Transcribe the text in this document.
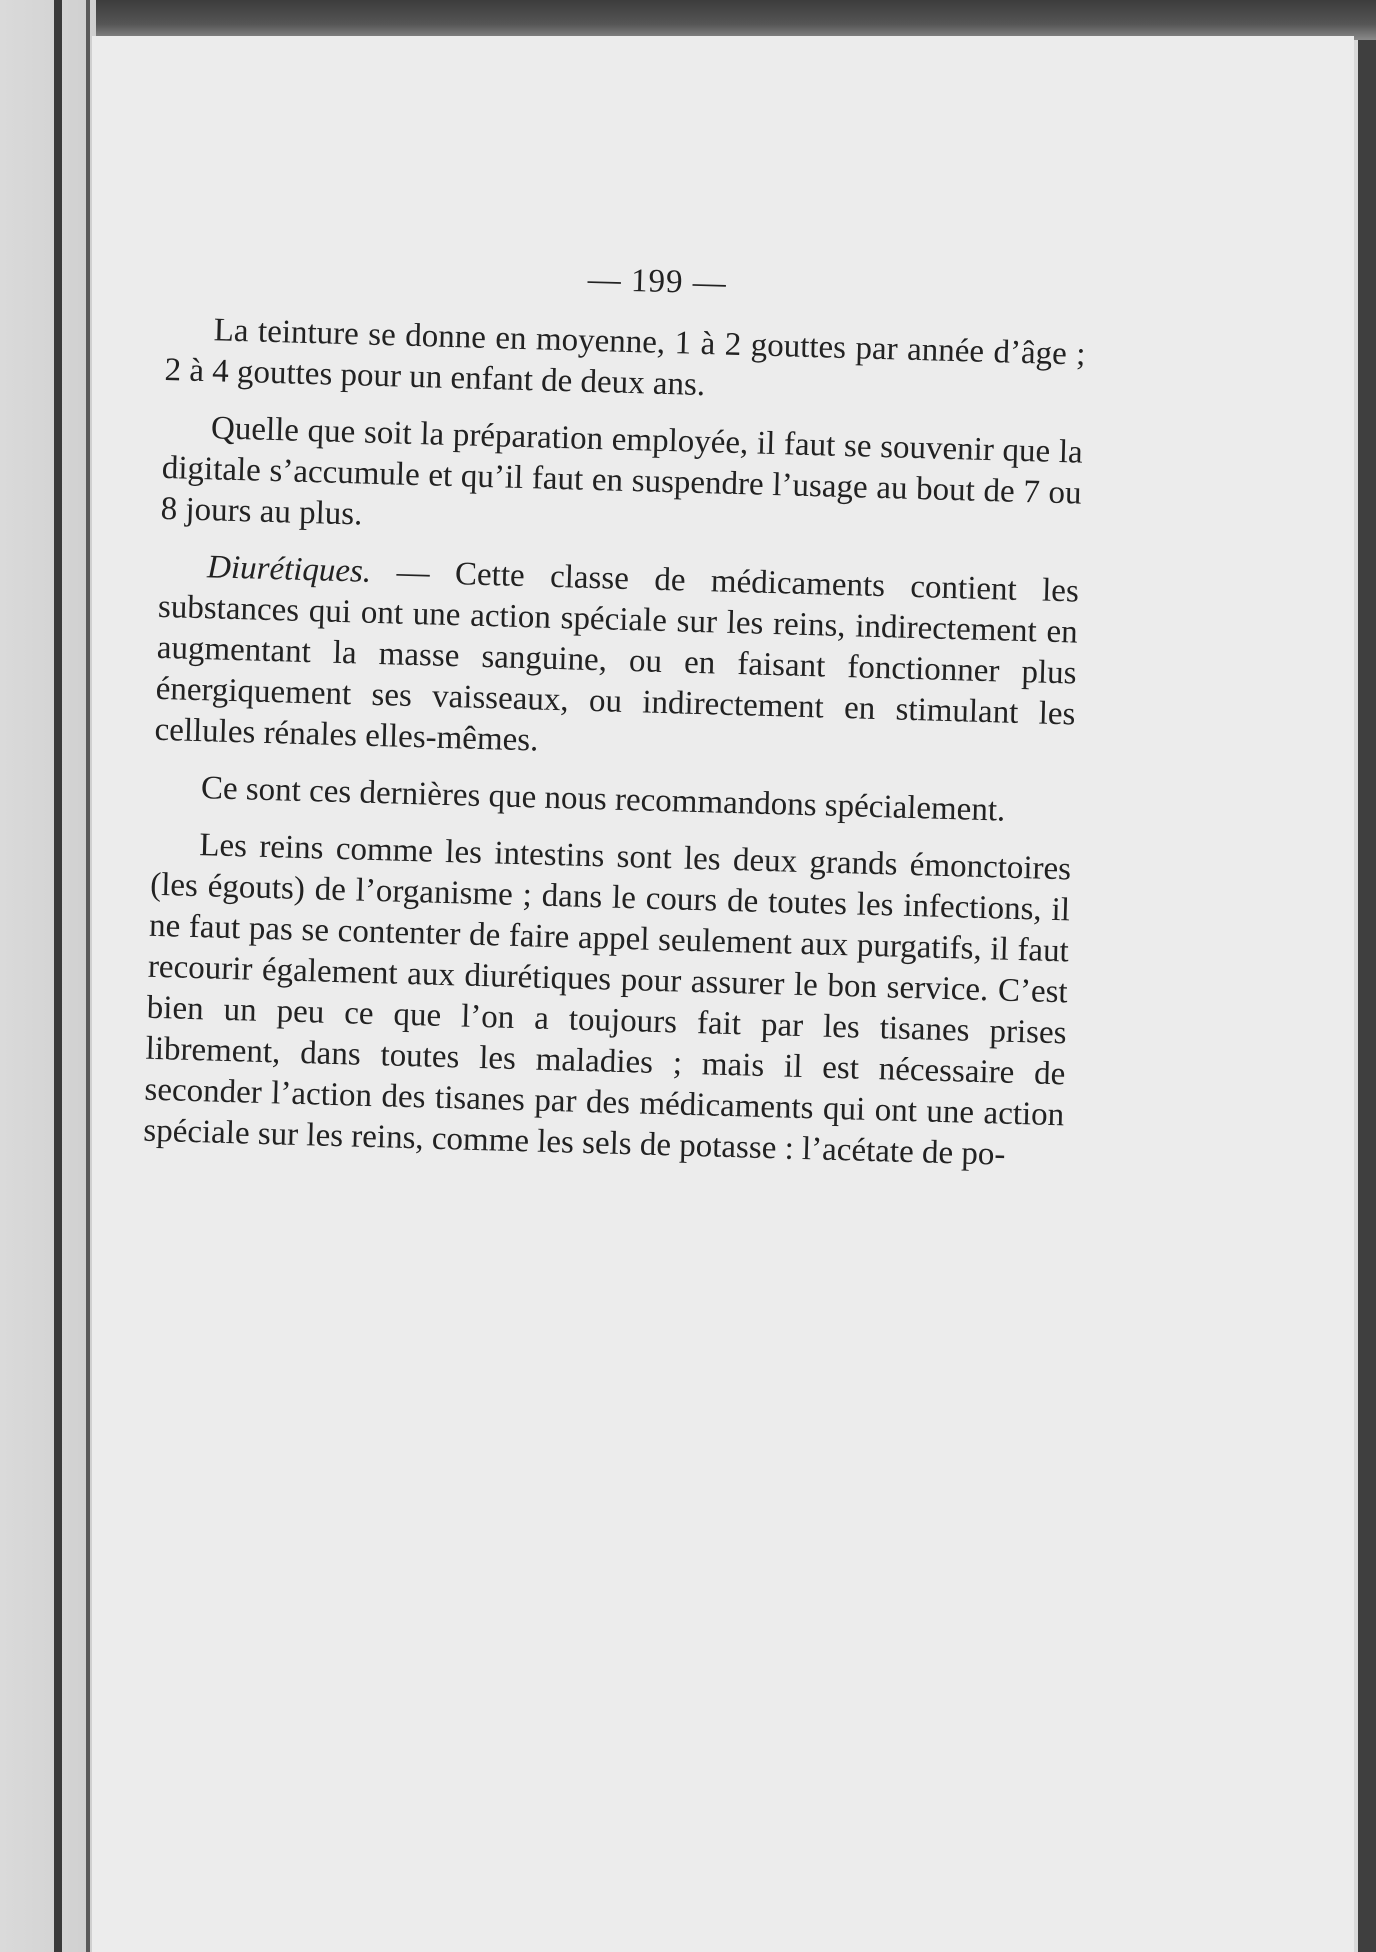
— 199 —

La teinture se donne en moyenne, 1 à 2 gouttes par année d’âge ; 2 à 4 gouttes pour un enfant de deux ans.

Quelle que soit la préparation employée, il faut se souvenir que la digitale s’accumule et qu’il faut en suspendre l’usage au bout de 7 ou 8 jours au plus.

Diurétiques. — Cette classe de médicaments contient les substances qui ont une action spéciale sur les reins, indirectement en augmentant la masse sanguine, ou en faisant fonctionner plus énergiquement ses vaisseaux, ou indirectement en stimulant les cellules rénales elles-mêmes.

Ce sont ces dernières que nous recommandons spécialement.

Les reins comme les intestins sont les deux grands émonctoires (les égouts) de l’organisme ; dans le cours de toutes les infections, il ne faut pas se contenter de faire appel seulement aux purgatifs, il faut recourir également aux diurétiques pour assurer le bon service. C’est bien un peu ce que l’on a toujours fait par les tisanes prises librement, dans toutes les maladies ; mais il est nécessaire de seconder l’action des tisanes par des médicaments qui ont une action spéciale sur les reins, comme les sels de potasse : l’acétate de po-
